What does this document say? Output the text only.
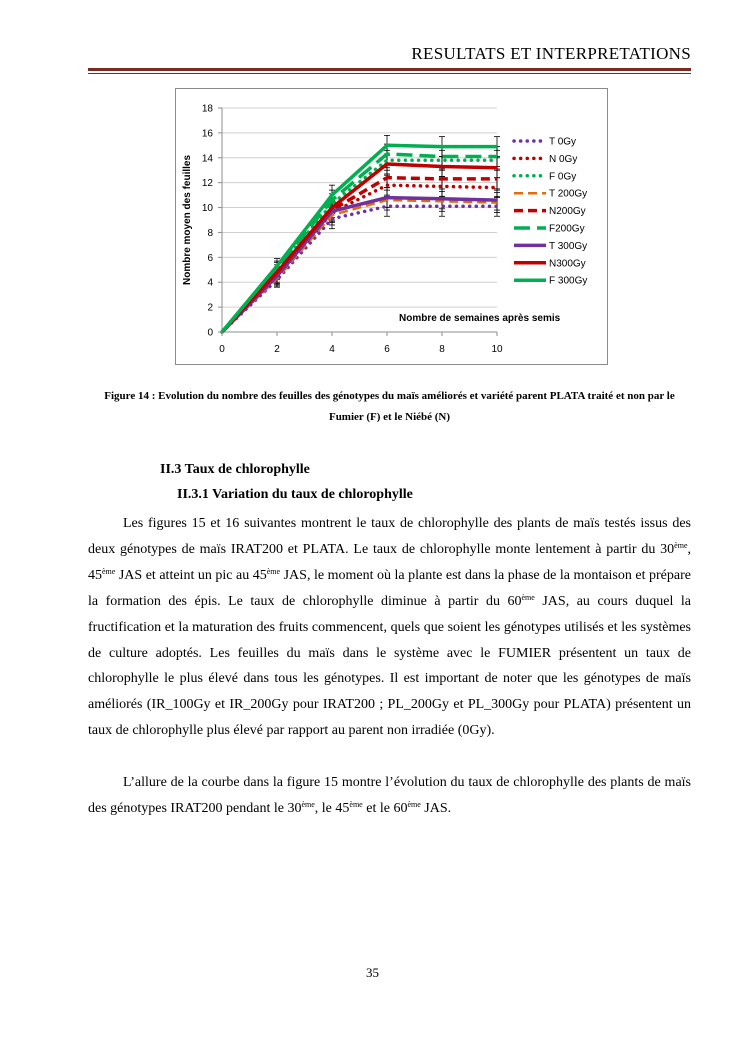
RESULTATS ET INTERPRETATIONS
0
2
4
6
8
10
12
14
16
18
0	2	4	6	8	10
T 0Gy
N 0Gy
F 0Gy
T 200Gy
N200Gy
F200Gy
T 300Gy
N300Gy
F 300Gy
Nombre moyen des feuilles
Nombre de semaines après semis
Figure 14 : Evolution du nombre des feuilles des génotypes du maïs améliorés et variété parent PLATA traité et non par le Fumier (F) et le Niébé (N)
II.3 Taux de chlorophylle
II.3.1 Variation du taux de chlorophylle

Les figures 15 et 16 suivantes montrent le taux de chlorophylle des plants de maïs testés issus des deux génotypes de maïs IRAT200 et PLATA. Le taux de chlorophylle monte lentement à partir du 30ème, 45ème JAS et atteint un pic au 45ème JAS, le moment où la plante est dans la phase de la montaison et prépare la formation des épis. Le taux de chlorophylle diminue à partir du 60ème JAS, au cours duquel la fructification et la maturation des fruits commencent, quels que soient les génotypes utilisés et les systèmes de culture adoptés. Les feuilles du maïs dans le système avec le FUMIER présentent un taux de chlorophylle le plus élevé dans tous les génotypes. Il est important de noter que les génotypes de maïs améliorés (IR_100Gy et IR_200Gy pour IRAT200 ; PL_200Gy et PL_300Gy pour PLATA) présentent un taux de chlorophylle plus élevé par rapport au parent non irradiée (0Gy).

L’allure de la courbe dans la figure 15 montre l’évolution du taux de chlorophylle des plants de maïs des génotypes IRAT200 pendant le 30ème, le 45ème et le 60ème JAS.

35
